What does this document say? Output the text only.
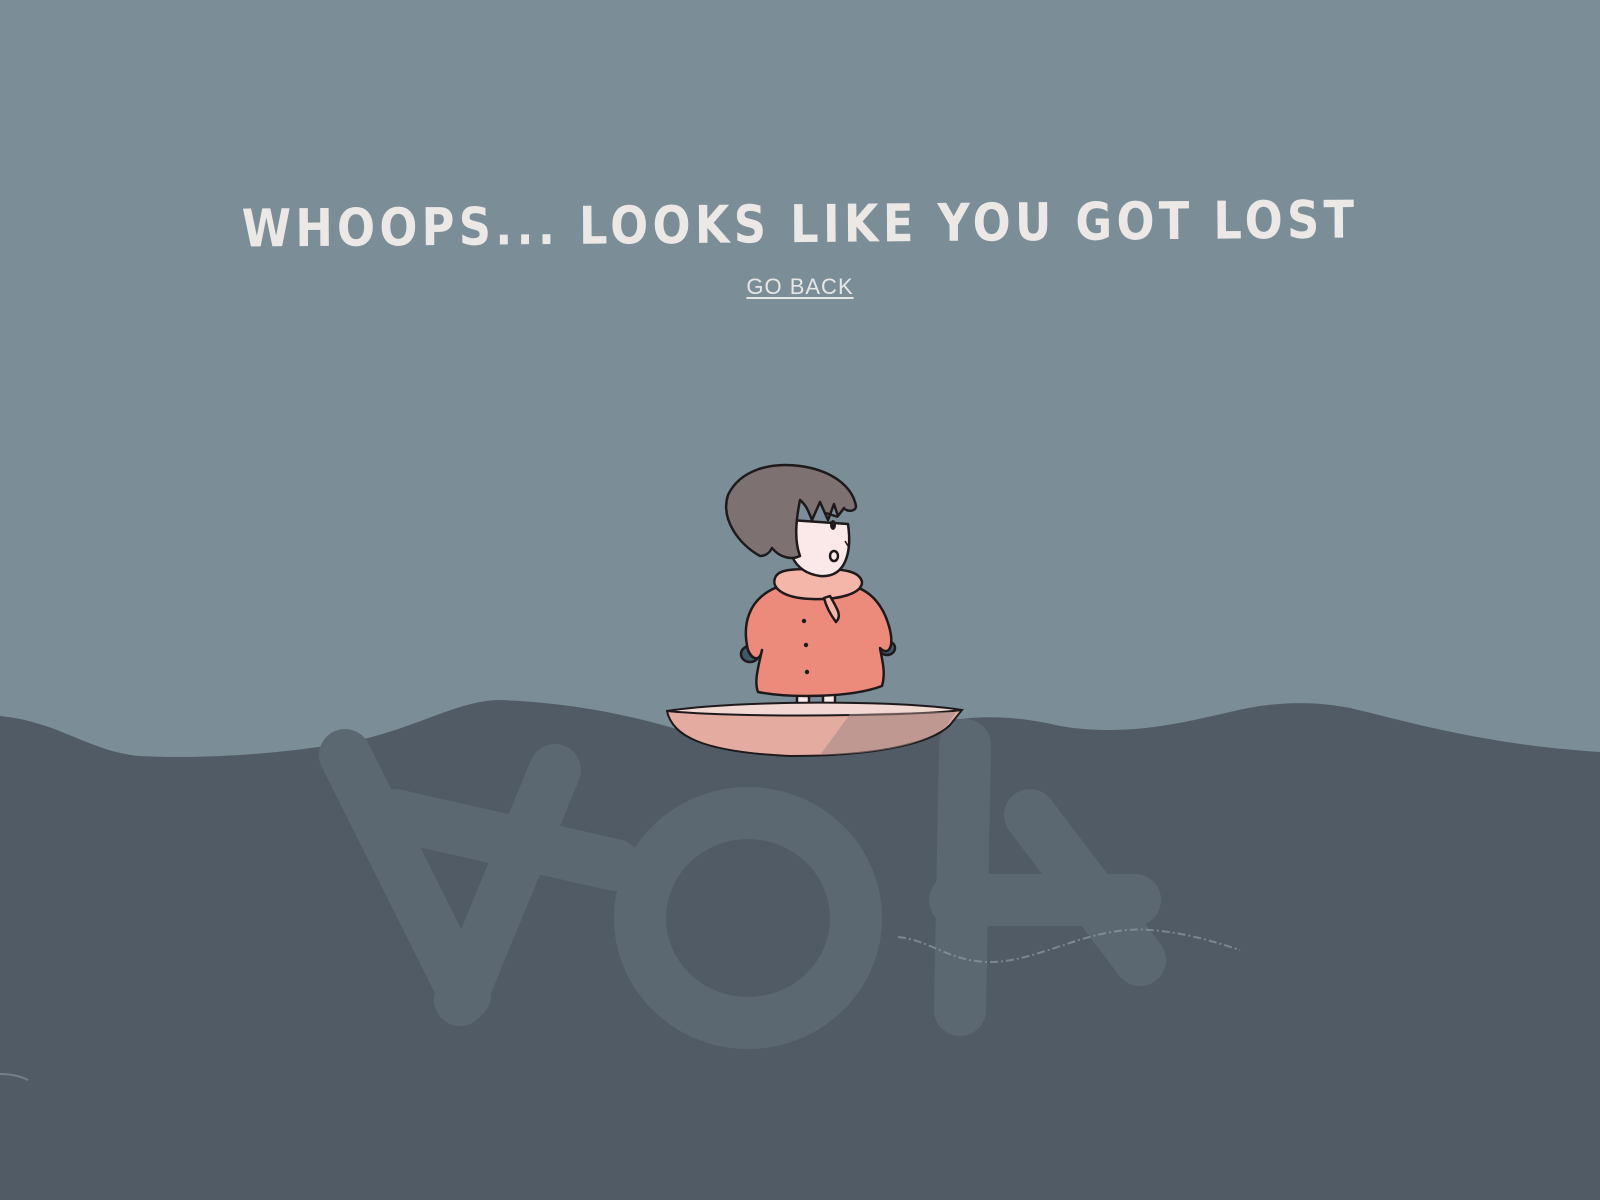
WHOOPS... LOOKS LIKE YOU GOT LOST
GO BACK
